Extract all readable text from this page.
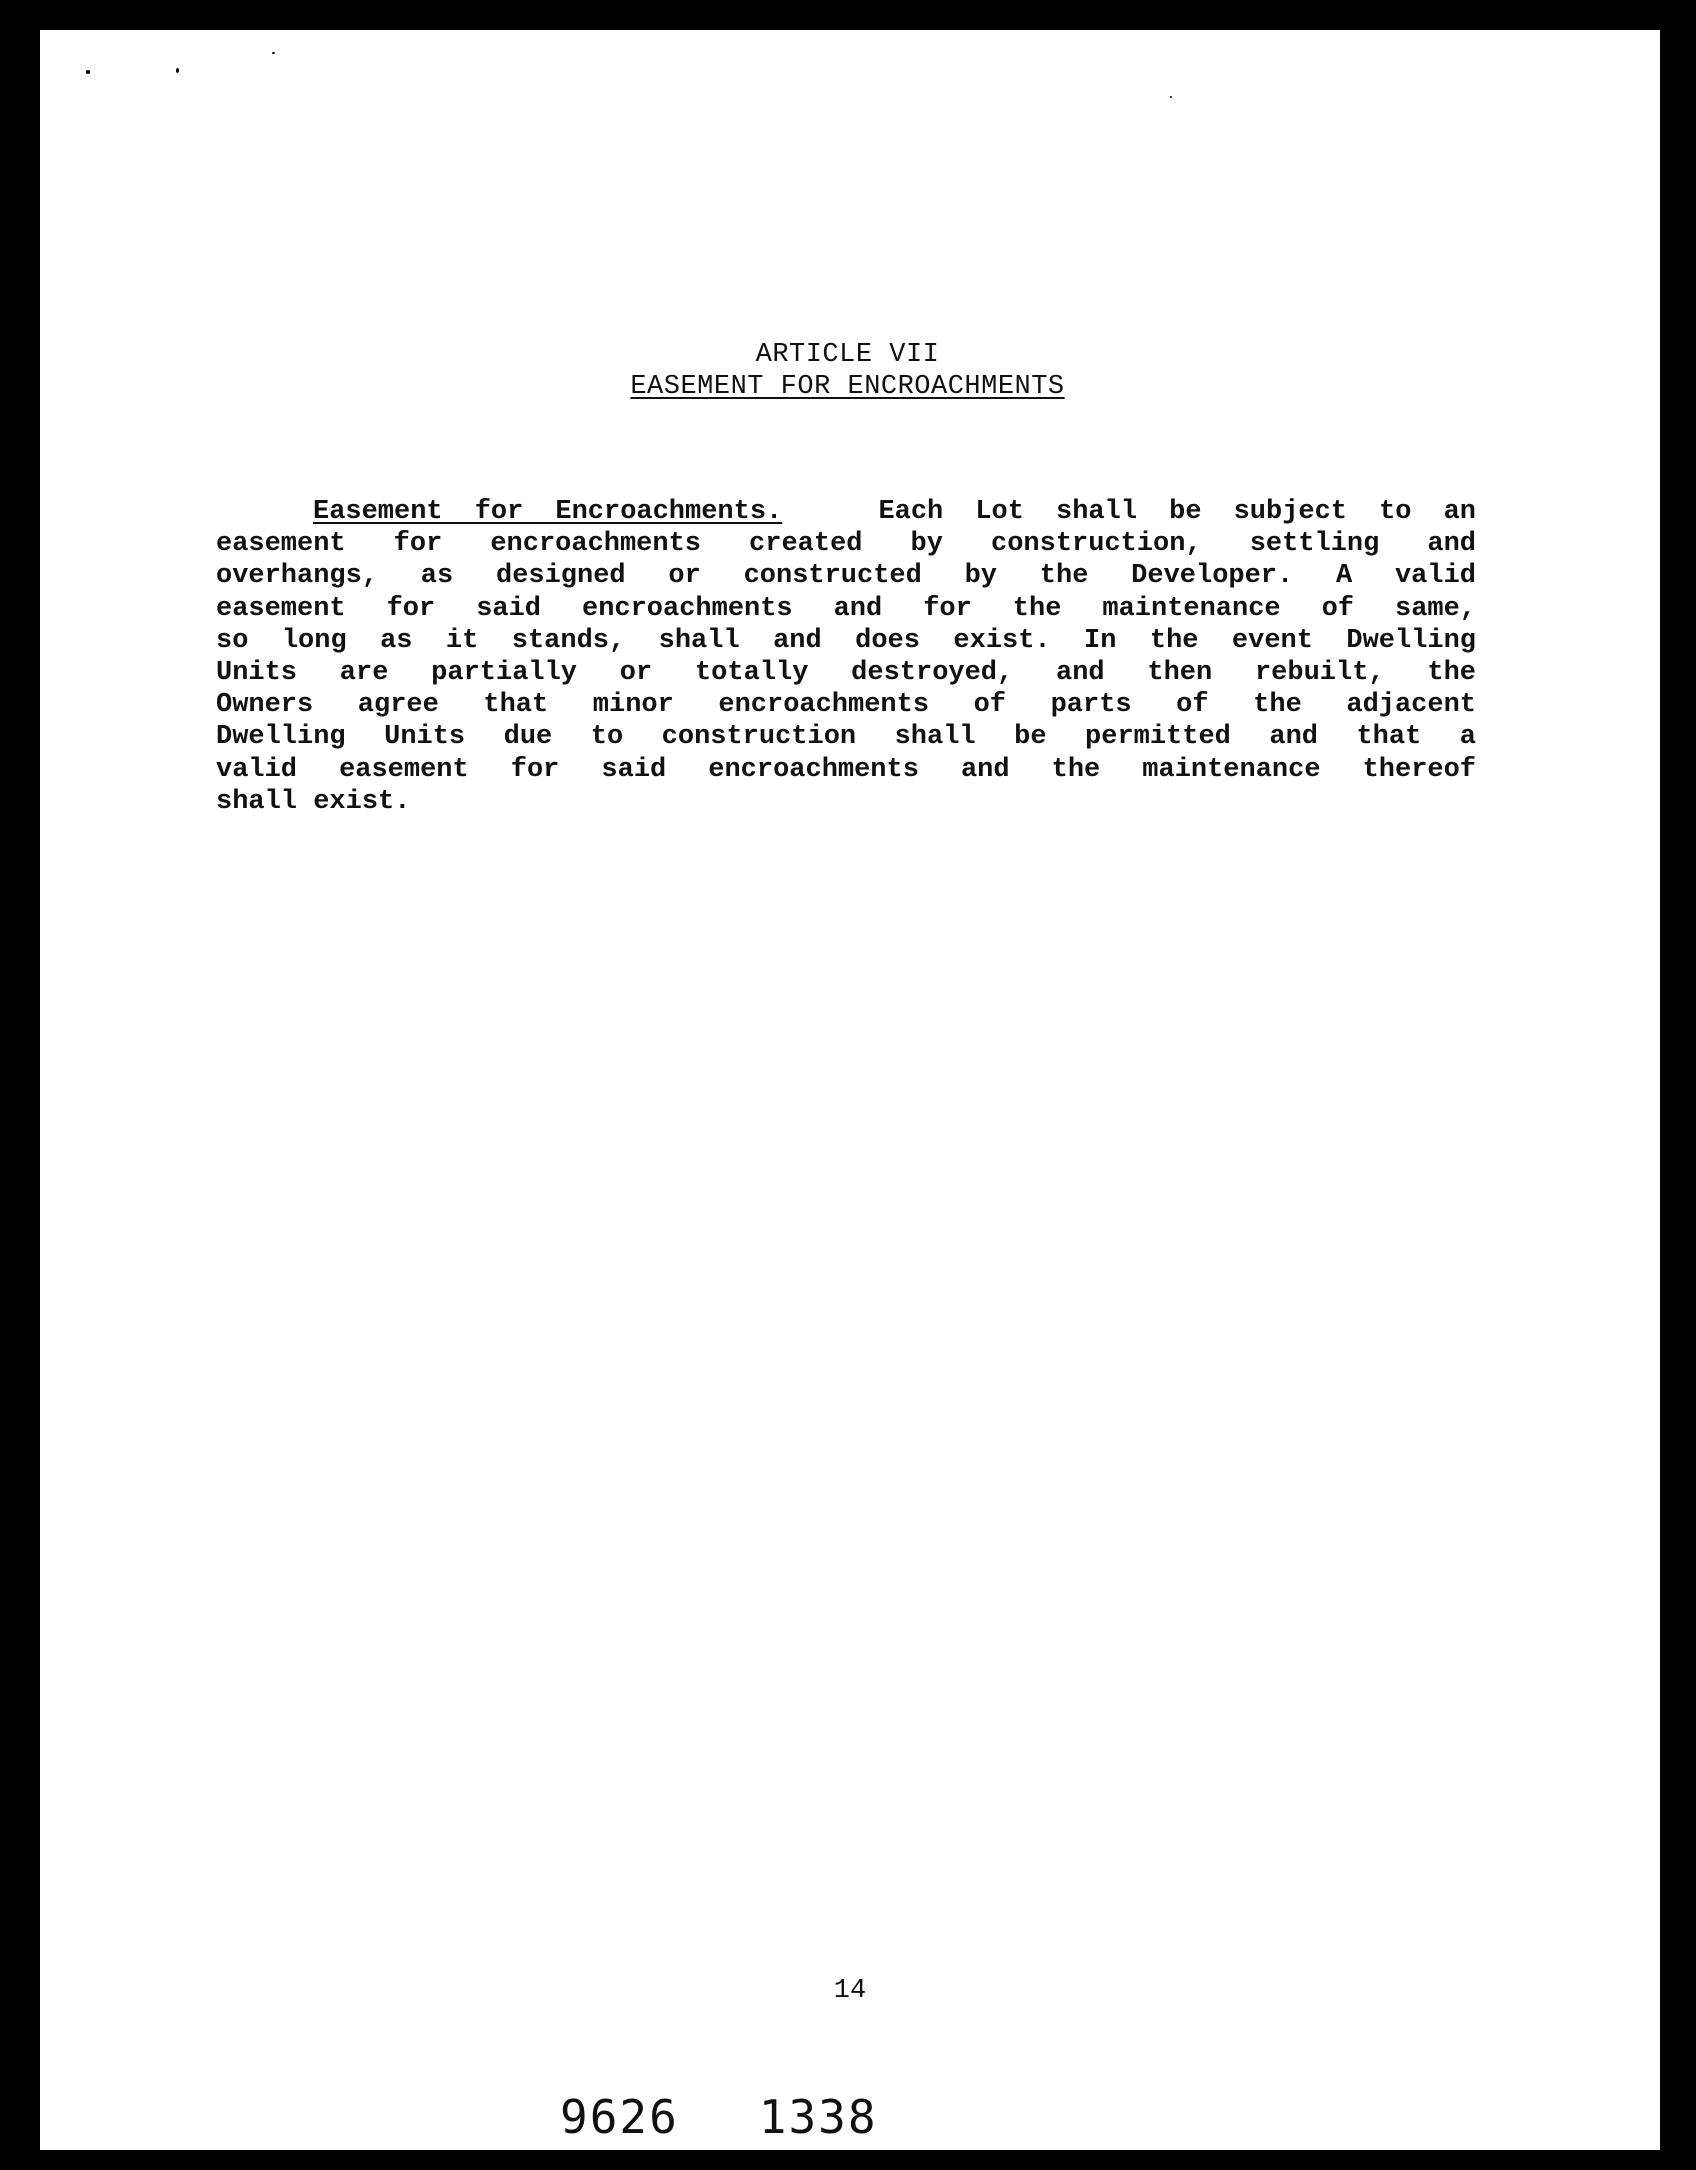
ARTICLE VII
EASEMENT FOR ENCROACHMENTS
Easement for Encroachments.	Each Lot shall be subject to an
easement for encroachments created by construction, settling and
overhangs, as designed or constructed by the Developer. A valid
easement for said encroachments and for the maintenance of same,
so long as it stands, shall and does exist. In the event Dwelling
Units are partially or totally destroyed, and then rebuilt, the
Owners agree that minor encroachments of parts of the adjacent
Dwelling Units due to construction shall be permitted and that a
valid easement for said encroachments and the maintenance thereof
shall exist.
14
9626 1338
